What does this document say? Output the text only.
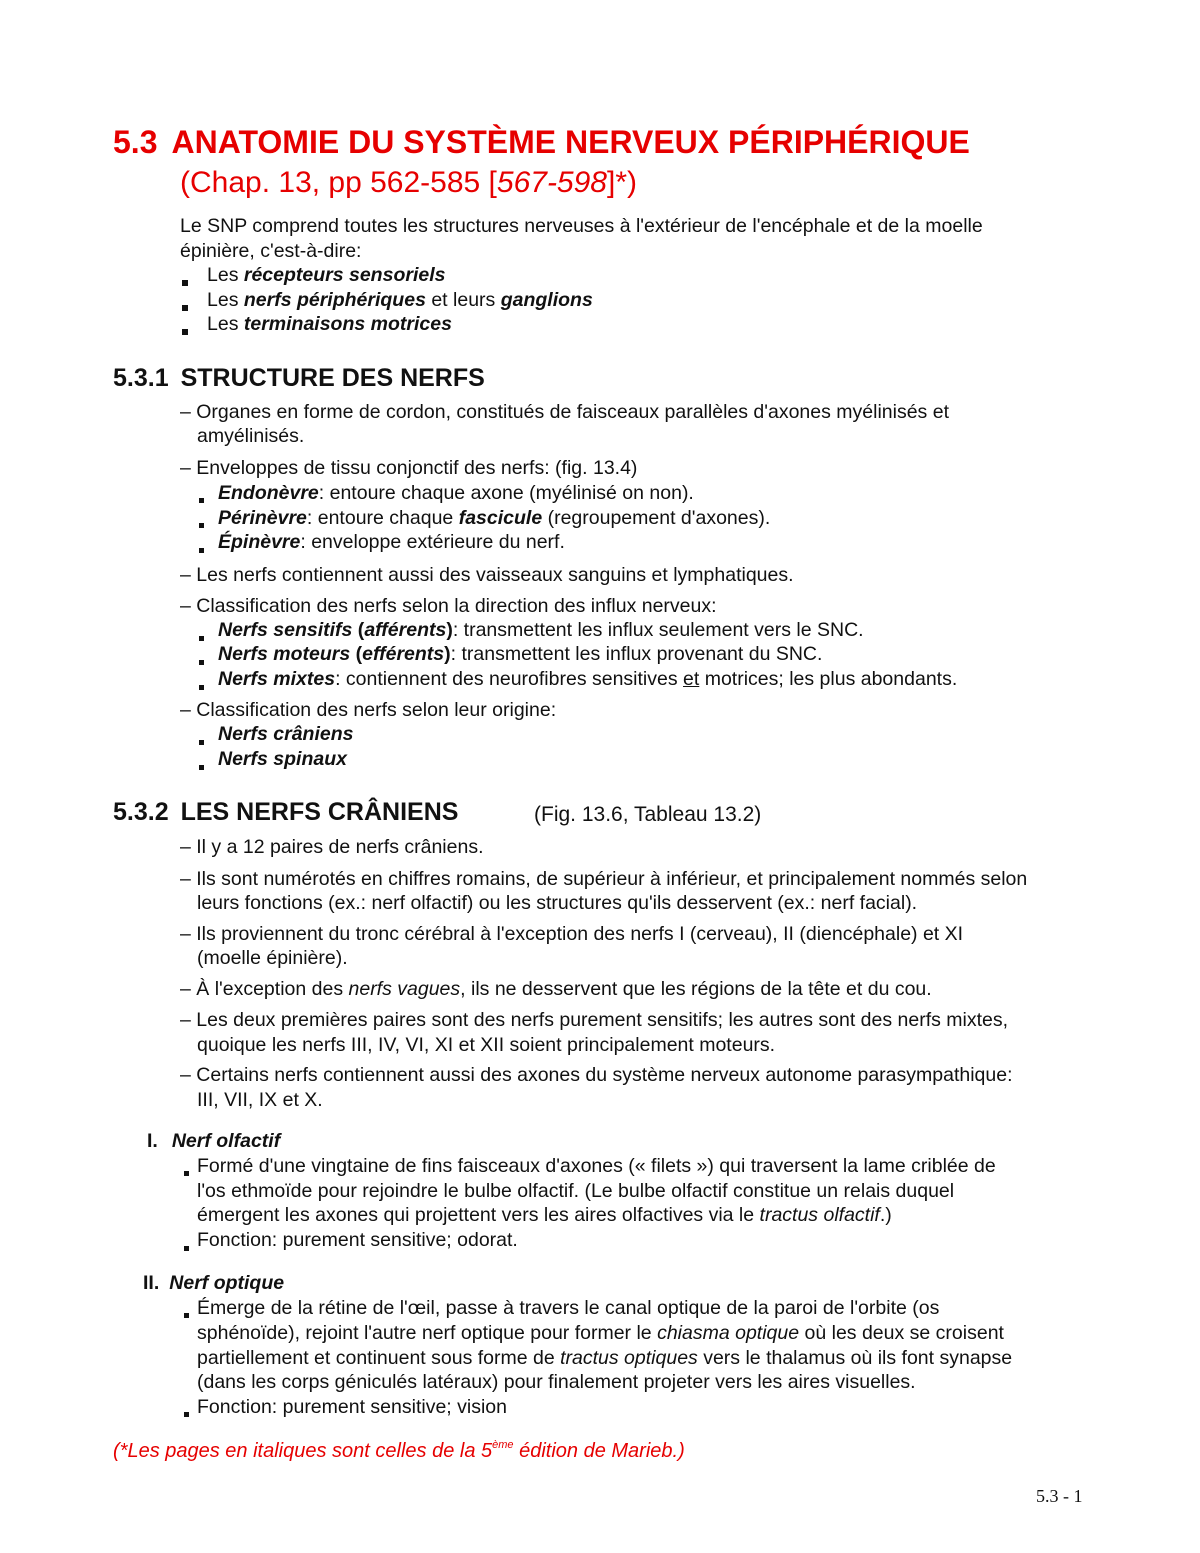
5.3 ANATOMIE DU SYSTÈME NERVEUX PÉRIPHÉRIQUE
(Chap. 13, pp 562-585 [567-598]*)
Le SNP comprend toutes les structures nerveuses à l'extérieur de l'encéphale et de la moelle
épinière, c'est-à-dire:
Les récepteurs sensoriels
Les nerfs périphériques et leurs ganglions
Les terminaisons motrices
5.3.1 STRUCTURE DES NERFS
– Organes en forme de cordon, constitués de faisceaux parallèles d'axones myélinisés et
amyélinisés.
– Enveloppes de tissu conjonctif des nerfs: (fig. 13.4)
Endonèvre: entoure chaque axone (myélinisé on non).
Périnèvre: entoure chaque fascicule (regroupement d'axones).
Épinèvre: enveloppe extérieure du nerf.
– Les nerfs contiennent aussi des vaisseaux sanguins et lymphatiques.
– Classification des nerfs selon la direction des influx nerveux:
Nerfs sensitifs (afférents): transmettent les influx seulement vers le SNC.
Nerfs moteurs (efférents): transmettent les influx provenant du SNC.
Nerfs mixtes: contiennent des neurofibres sensitives et motrices; les plus abondants.
– Classification des nerfs selon leur origine:
Nerfs crâniens
Nerfs spinaux
5.3.2 LES NERFS CRÂNIENS	(Fig. 13.6, Tableau 13.2)
– Il y a 12 paires de nerfs crâniens.
– Ils sont numérotés en chiffres romains, de supérieur à inférieur, et principalement nommés selon
leurs fonctions (ex.: nerf olfactif) ou les structures qu'ils desservent (ex.: nerf facial).
– Ils proviennent du tronc cérébral à l'exception des nerfs I (cerveau), II (diencéphale) et XI
(moelle épinière).
– À l'exception des nerfs vagues, ils ne desservent que les régions de la tête et du cou.
– Les deux premières paires sont des nerfs purement sensitifs; les autres sont des nerfs mixtes,
quoique les nerfs III, IV, VI, XI et XII soient principalement moteurs.
– Certains nerfs contiennent aussi des axones du système nerveux autonome parasympathique:
III, VII, IX et X.
I. Nerf olfactif
Formé d'une vingtaine de fins faisceaux d'axones (« filets ») qui traversent la lame criblée de
l'os ethmoïde pour rejoindre le bulbe olfactif. (Le bulbe olfactif constitue un relais duquel
émergent les axones qui projettent vers les aires olfactives via le tractus olfactif.)
Fonction: purement sensitive; odorat.
II. Nerf optique
Émerge de la rétine de l'œil, passe à travers le canal optique de la paroi de l'orbite (os
sphénoïde), rejoint l'autre nerf optique pour former le chiasma optique où les deux se croisent
partiellement et continuent sous forme de tractus optiques vers le thalamus où ils font synapse
(dans les corps géniculés latéraux) pour finalement projeter vers les aires visuelles.
Fonction: purement sensitive; vision
(*Les pages en italiques sont celles de la 5ème édition de Marieb.)
5.3 - 1
